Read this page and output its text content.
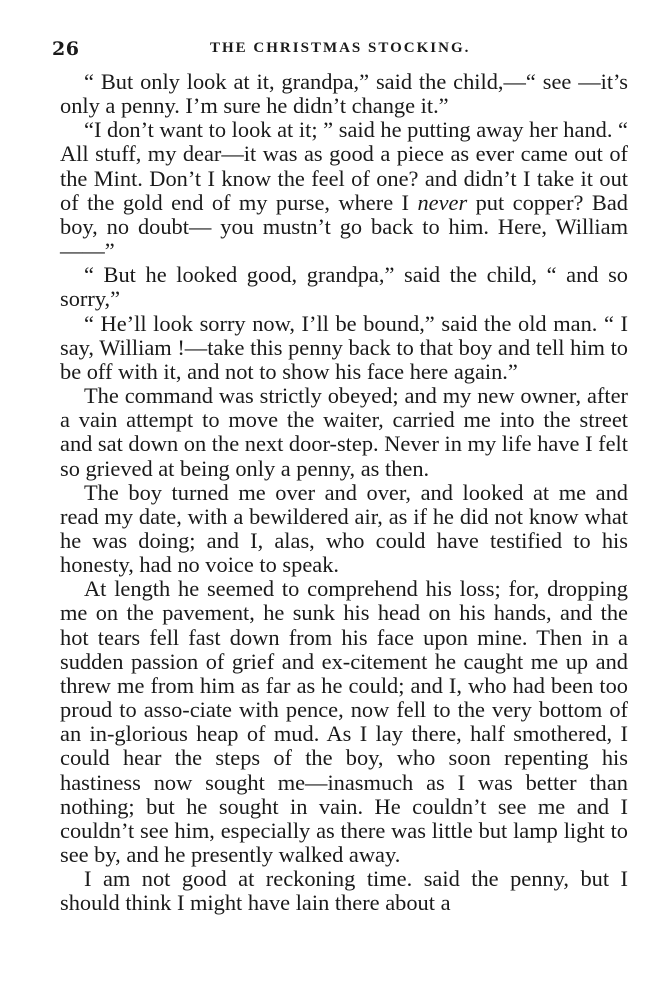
26	THE CHRISTMAS STOCKING.

“ But only look at it, grandpa,” said the child,—“ see —it’s only a penny. I’m sure he didn’t change it.”

“I don’t want to look at it; ” said he putting away her hand. “ All stuff, my dear—it was as good a piece as ever came out of the Mint. Don’t I know the feel of one? and didn’t I take it out of the gold end of my purse, where I never put copper? Bad boy, no doubt— you mustn’t go back to him. Here, William——”

“ But he looked good, grandpa,” said the child, “ and so sorry,”

“ He’ll look sorry now, I’ll be bound,” said the old man. “ I say, William !—take this penny back to that boy and tell him to be off with it, and not to show his face here again.”

The command was strictly obeyed; and my new owner, after a vain attempt to move the waiter, carried me into the street and sat down on the next door-step. Never in my life have I felt so grieved at being only a penny, as then.

The boy turned me over and over, and looked at me and read my date, with a bewildered air, as if he did not know what he was doing; and I, alas, who could have testified to his honesty, had no voice to speak.

At length he seemed to comprehend his loss; for, dropping me on the pavement, he sunk his head on his hands, and the hot tears fell fast down from his face upon mine. Then in a sudden passion of grief and ex-citement he caught me up and threw me from him as far as he could; and I, who had been too proud to asso-ciate with pence, now fell to the very bottom of an in-glorious heap of mud. As I lay there, half smothered, I could hear the steps of the boy, who soon repenting his hastiness now sought me—inasmuch as I was better than nothing; but he sought in vain. He couldn’t see me and I couldn’t see him, especially as there was little but lamp light to see by, and he presently walked away.

I am not good at reckoning time. said the penny, but I should think I might have lain there about a
